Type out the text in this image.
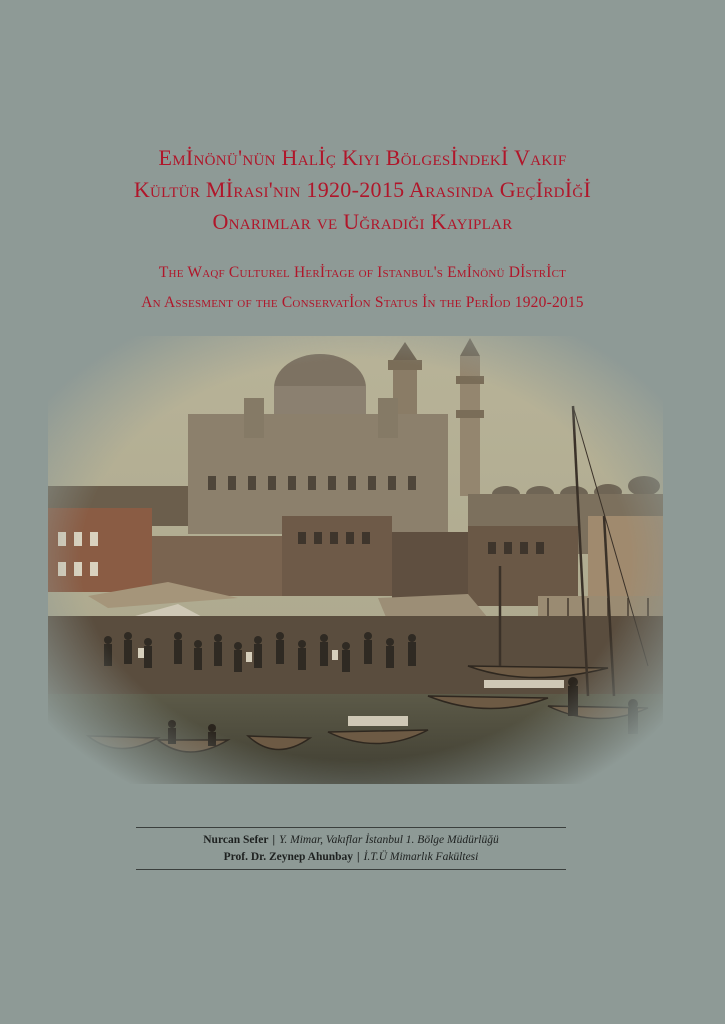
Emİnönü'nün Halİç Kıyı Bölgesİndekİ Vakıf
Kültür Mİrası'nın 1920-2015 Arasında Geçİrdİğİ
Onarımlar ve Uğradığı Kayıplar
The Waqf Culturel Herİtage of Istanbul's Emİnönü Dİstrİct
An Assesment of the Conservatİon Status İn the Perİod 1920-2015
Nurcan Sefer | Y. Mimar, Vakıflar İstanbul 1. Bölge Müdürlüğü
Prof. Dr. Zeynep Ahunbay | İ.T.Ü Mimarlık Fakültesi
